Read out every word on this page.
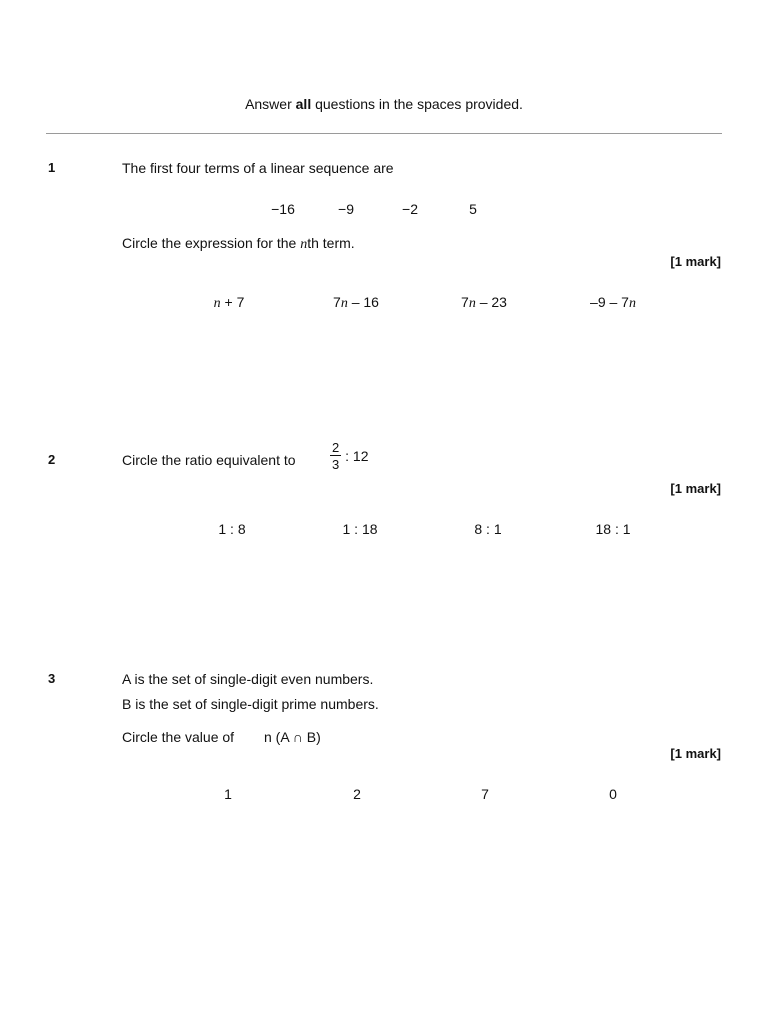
Answer all questions in the spaces provided.
1	The first four terms of a linear sequence are
−16	−9	−2	5
Circle the expression for the nth term.
[1 mark]
n + 7	7n – 16	7n – 23	–9 – 7n
2	Circle the ratio equivalent to	$\frac{2}{3}$ : 12
[1 mark]
1 : 8	1 : 18	8 : 1	18 : 1
3	A is the set of single-digit even numbers.
B is the set of single-digit prime numbers.
Circle the value of n (A ∩ B)
[1 mark]
1	2	7	0
